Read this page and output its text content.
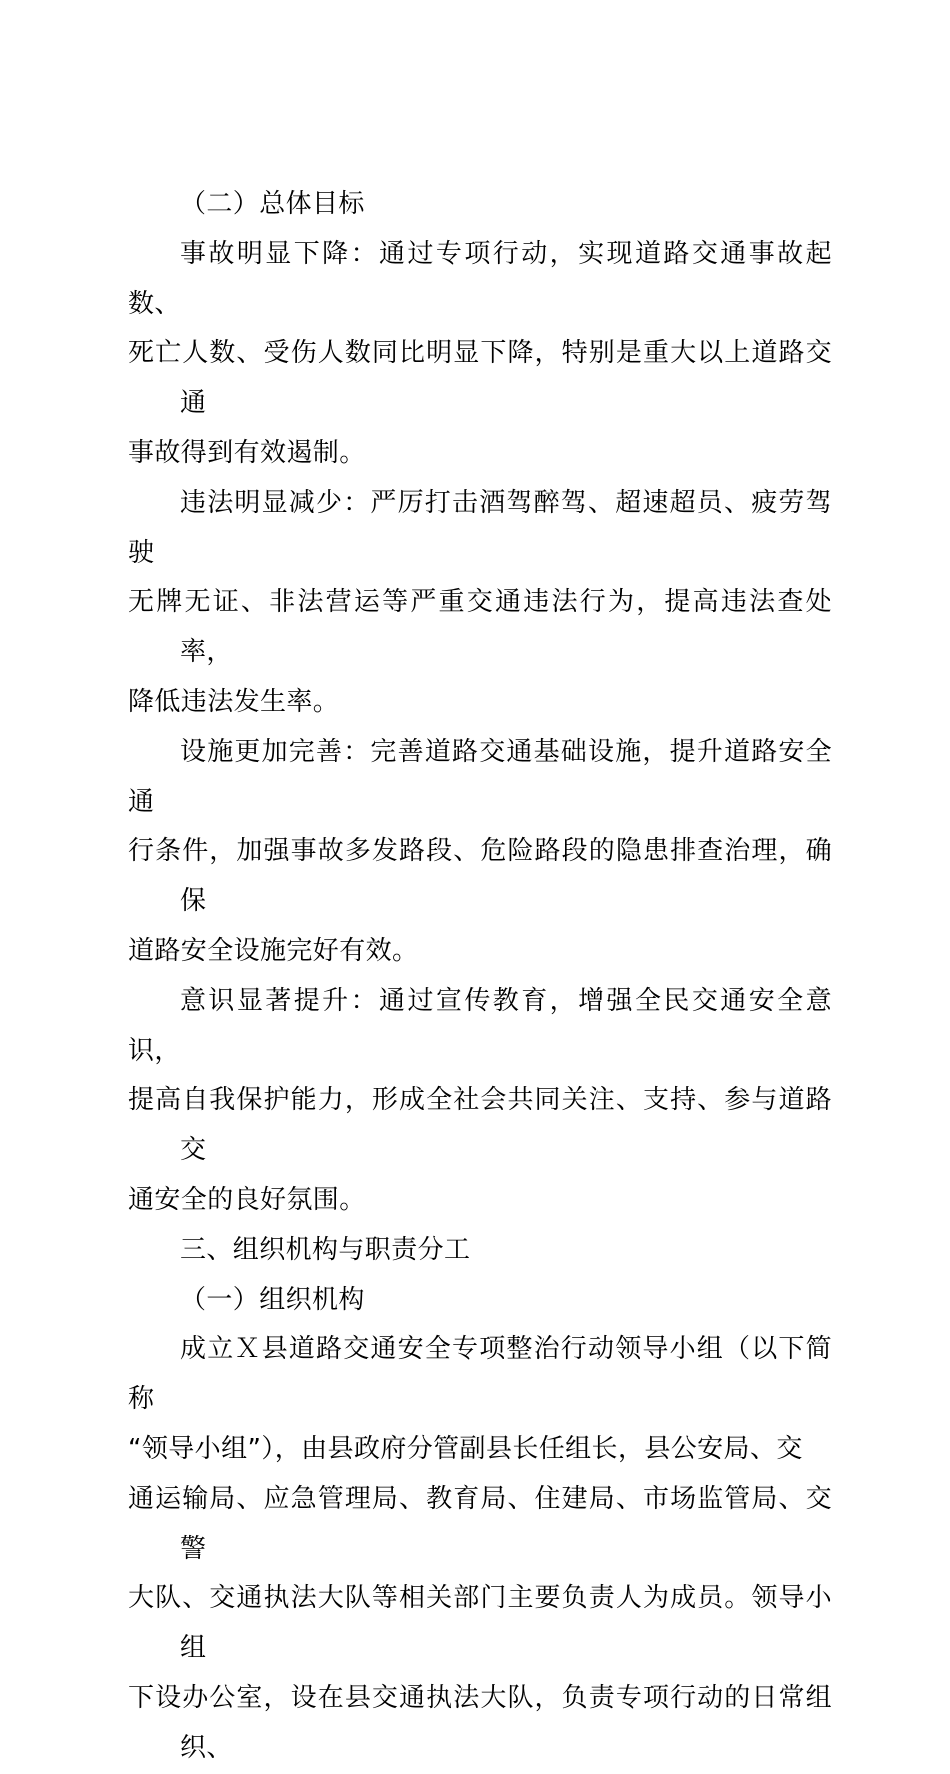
（二）总体目标

事故明显下降：通过专项行动，实现道路交通事故起数、
死亡人数、受伤人数同比明显下降，特别是重大以上道路交通
事故得到有效遏制。

违法明显减少：严厉打击酒驾醉驾、超速超员、疲劳驾驶
无牌无证、非法营运等严重交通违法行为，提高违法查处率，
降低违法发生率。

设施更加完善：完善道路交通基础设施，提升道路安全通
行条件，加强事故多发路段、危险路段的隐患排查治理，确保
道路安全设施完好有效。

意识显著提升：通过宣传教育，增强全民交通安全意识，
提高自我保护能力，形成全社会共同关注、支持、参与道路交
通安全的良好氛围。

三、组织机构与职责分工

（一）组织机构

成立Ｘ县道路交通安全专项整治行动领导小组（以下简称
“领导小组”），由县政府分管副县长任组长，县公安局、交
通运输局、应急管理局、教育局、住建局、市场监管局、交警
大队、交通执法大队等相关部门主要负责人为成员。领导小组
下设办公室，设在县交通执法大队，负责专项行动的日常组织、
